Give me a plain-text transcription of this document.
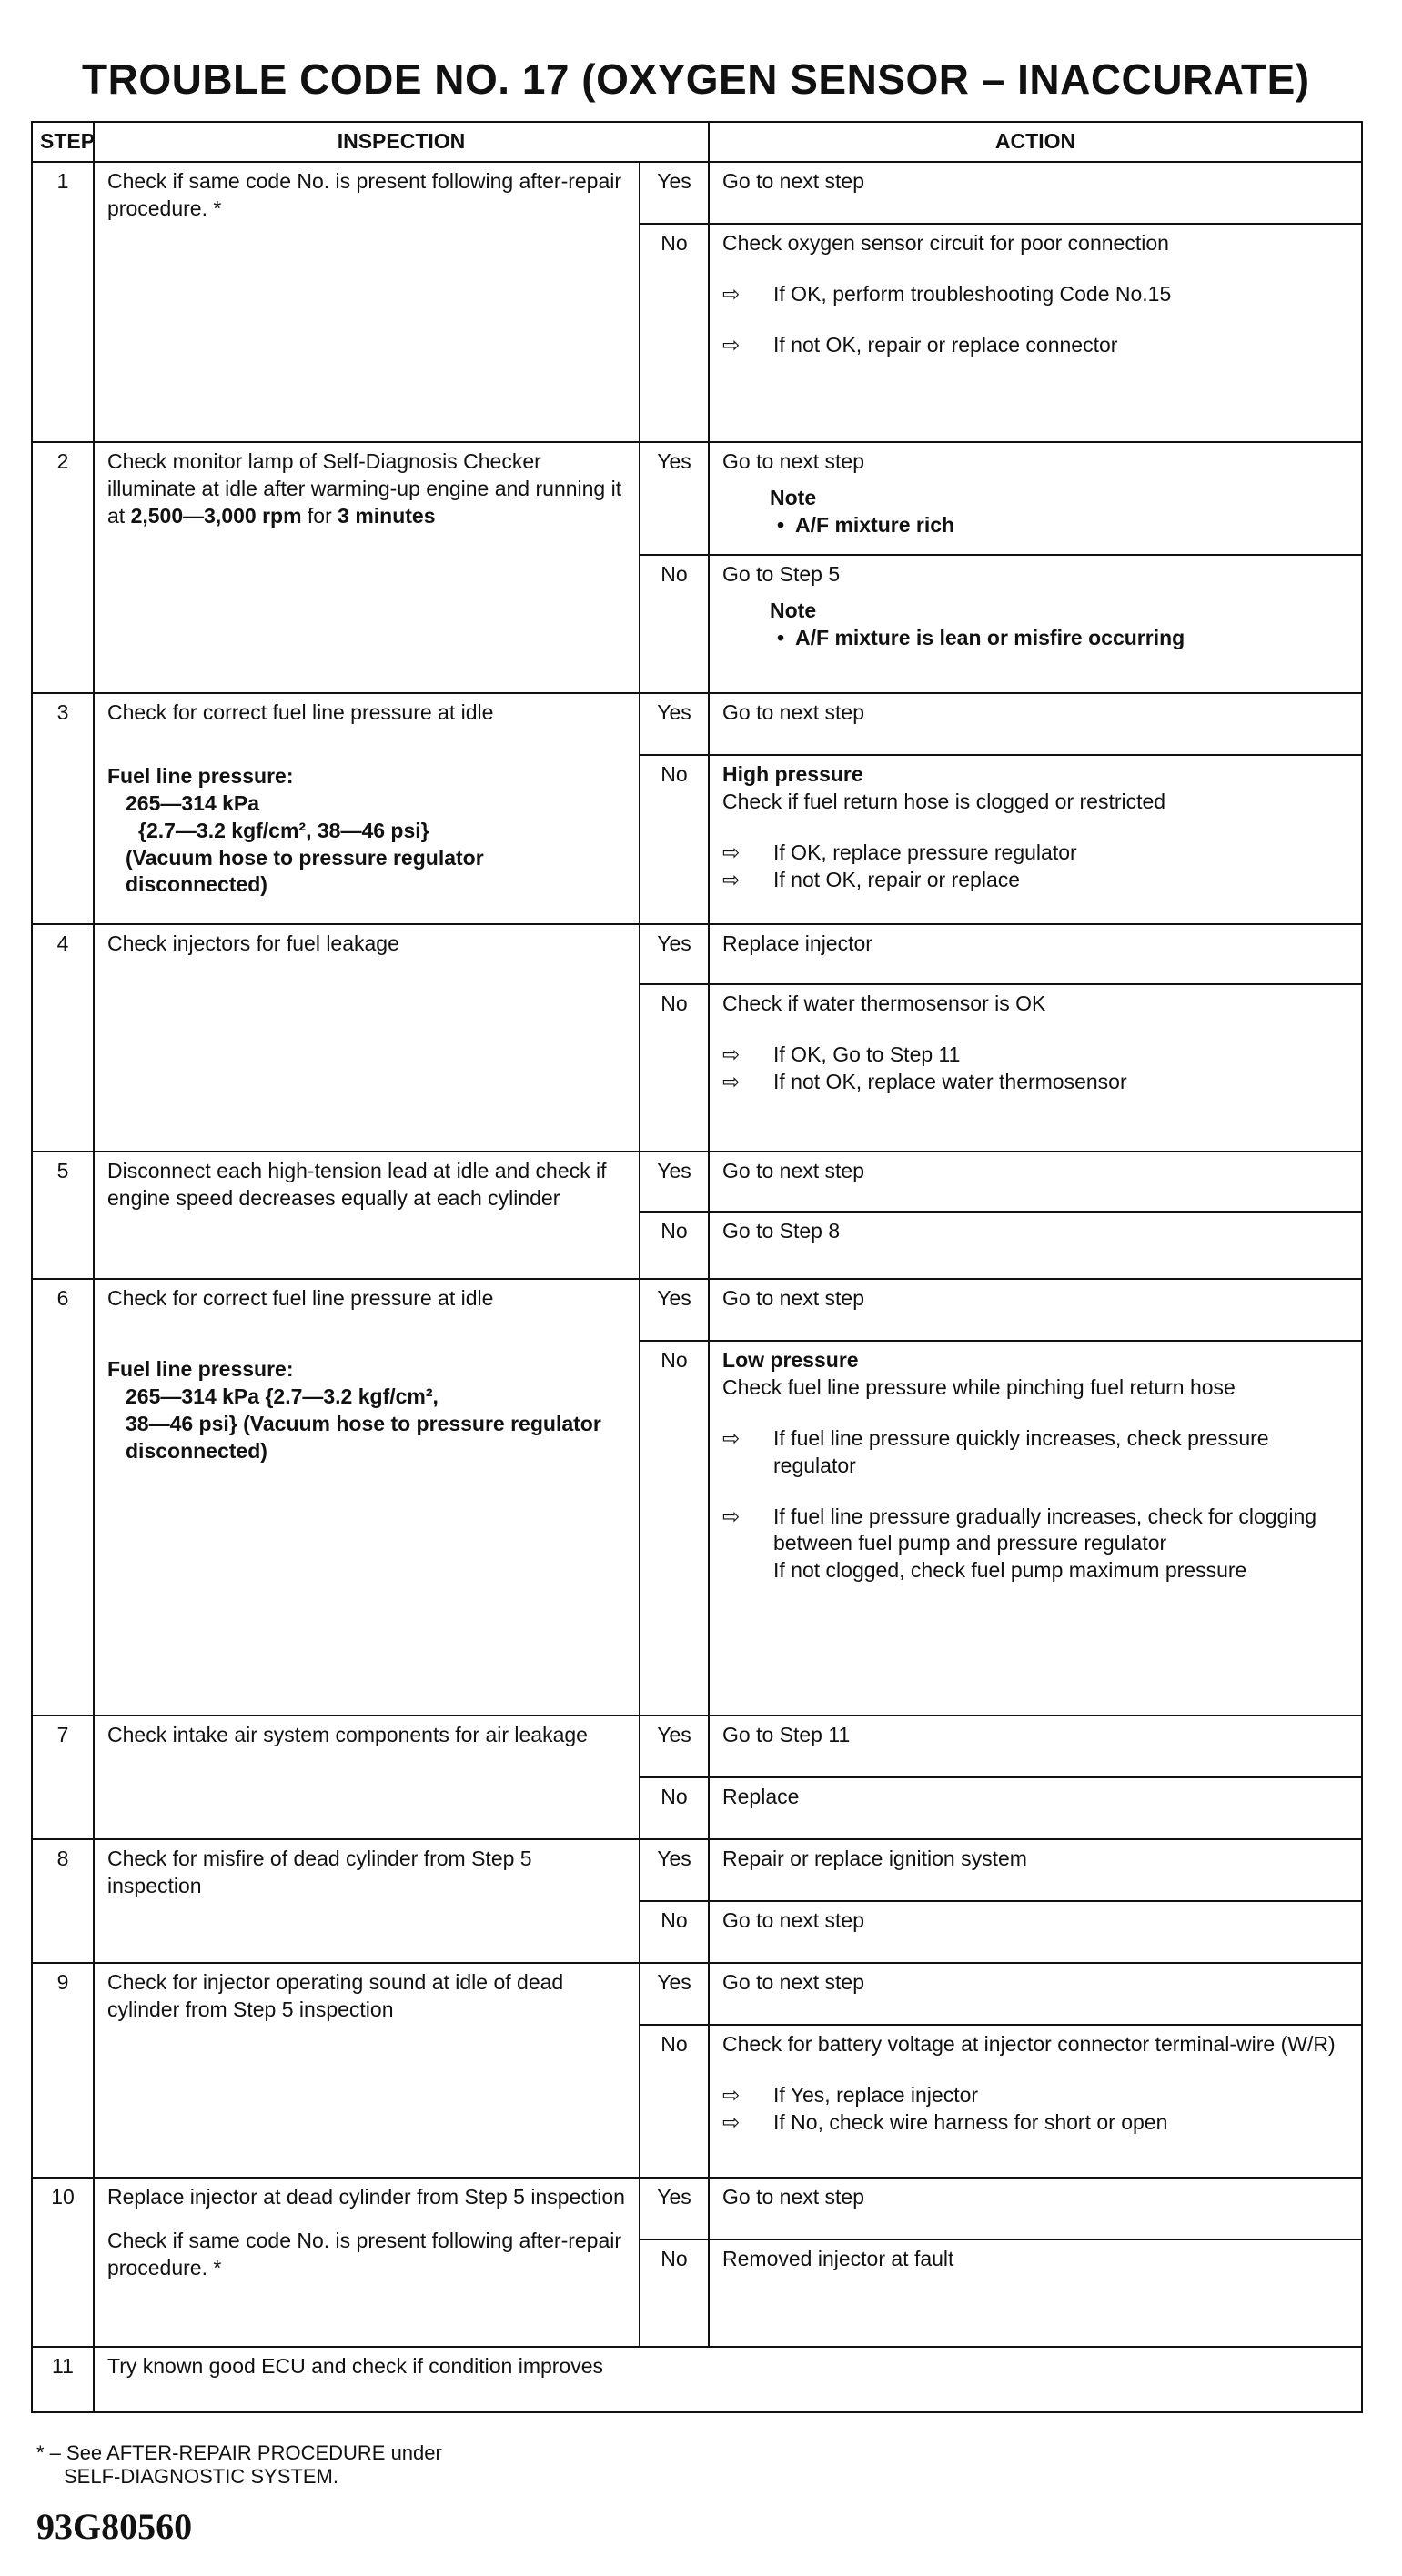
TROUBLE CODE NO. 17 (OXYGEN SENSOR – INACCURATE)
STEP	INSPECTION		ACTION
1	Check if same code No. is present following after-repair procedure. *	Yes	Go to next step
		No	Check oxygen sensor circuit for poor connection
⇨ If OK, perform troubleshooting Code No.15
⇨ If not OK, repair or replace connector

2	Check monitor lamp of Self-Diagnosis Checker illuminate at idle after warming-up engine and running it at 2,500—3,000 rpm for 3 minutes	Yes	Go to next step
Note
• A/F mixture rich

		No	Go to Step 5
Note
• A/F mixture is lean or misfire occurring

3	Check for correct fuel line pressure at idle
Fuel line pressure:
265—314 kPa
{2.7—3.2 kgf/cm², 38—46 psi}
(Vacuum hose to pressure regulator disconnected)	Yes	Go to next step
		No	High pressure
Check if fuel return hose is clogged or restricted
⇨ If OK, replace pressure regulator
⇨ If not OK, repair or replace

4	Check injectors for fuel leakage	Yes	Replace injector
		No	Check if water thermosensor is OK
⇨ If OK, Go to Step 11
⇨ If not OK, replace water thermosensor

5	Disconnect each high-tension lead at idle and check if engine speed decreases equally at each cylinder	Yes	Go to next step
		No	Go to Step 8
6	Check for correct fuel line pressure at idle
Fuel line pressure:
265—314 kPa {2.7—3.2 kgf/cm²,
38—46 psi} (Vacuum hose to pressure regulator disconnected)	Yes	Go to next step
		No	Low pressure
Check fuel line pressure while pinching fuel return hose
⇨ If fuel line pressure quickly increases, check pressure regulator
⇨ If fuel line pressure gradually increases, check for clogging between fuel pump and pressure regulator
If not clogged, check fuel pump maximum pressure

7	Check intake air system components for air leakage	Yes	Go to Step 11
		No	Replace
8	Check for misfire of dead cylinder from Step 5 inspection	Yes	Repair or replace ignition system
		No	Go to next step
9	Check for injector operating sound at idle of dead cylinder from Step 5 inspection	Yes	Go to next step
		No	Check for battery voltage at injector connector terminal-wire (W/R)
⇨ If Yes, replace injector
⇨ If No, check wire harness for short or open

10	Replace injector at dead cylinder from Step 5 inspection
Check if same code No. is present following after-repair procedure. *	Yes	Go to next step
		No	Removed injector at fault
11	Try known good ECU and check if condition improves		
* – See AFTER-REPAIR PROCEDURE under
SELF-DIAGNOSTIC SYSTEM.
93G80560
